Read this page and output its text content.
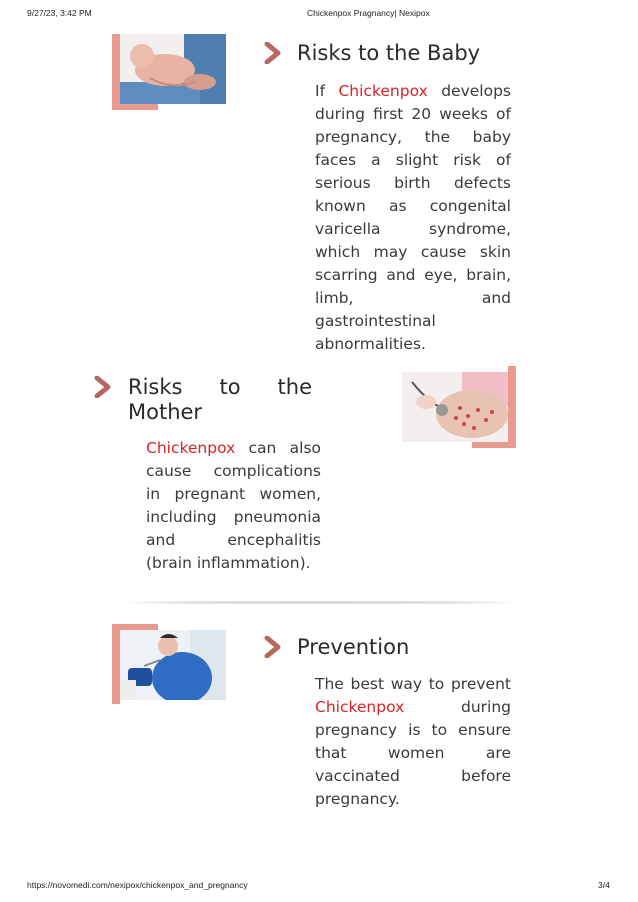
9/27/23, 3:42 PM	Chickenpox Pragnancy| Nexipox
Risks to the Baby
If Chickenpox develops during first 20 weeks of pregnancy, the baby faces a slight risk of serious birth defects known as congenital varicella syndrome, which may cause skin scarring and eye, brain, limb, and gastrointestinal abnormalities.
Risks to the Mother
Chickenpox can also cause complications in pregnant women, including pneumonia and encephalitis (brain inflammation).
Prevention
The best way to prevent Chickenpox during pregnancy is to ensure that women are vaccinated before pregnancy.
https://novomedi.com/nexipox/chickenpox_and_pregnancy	3/4
